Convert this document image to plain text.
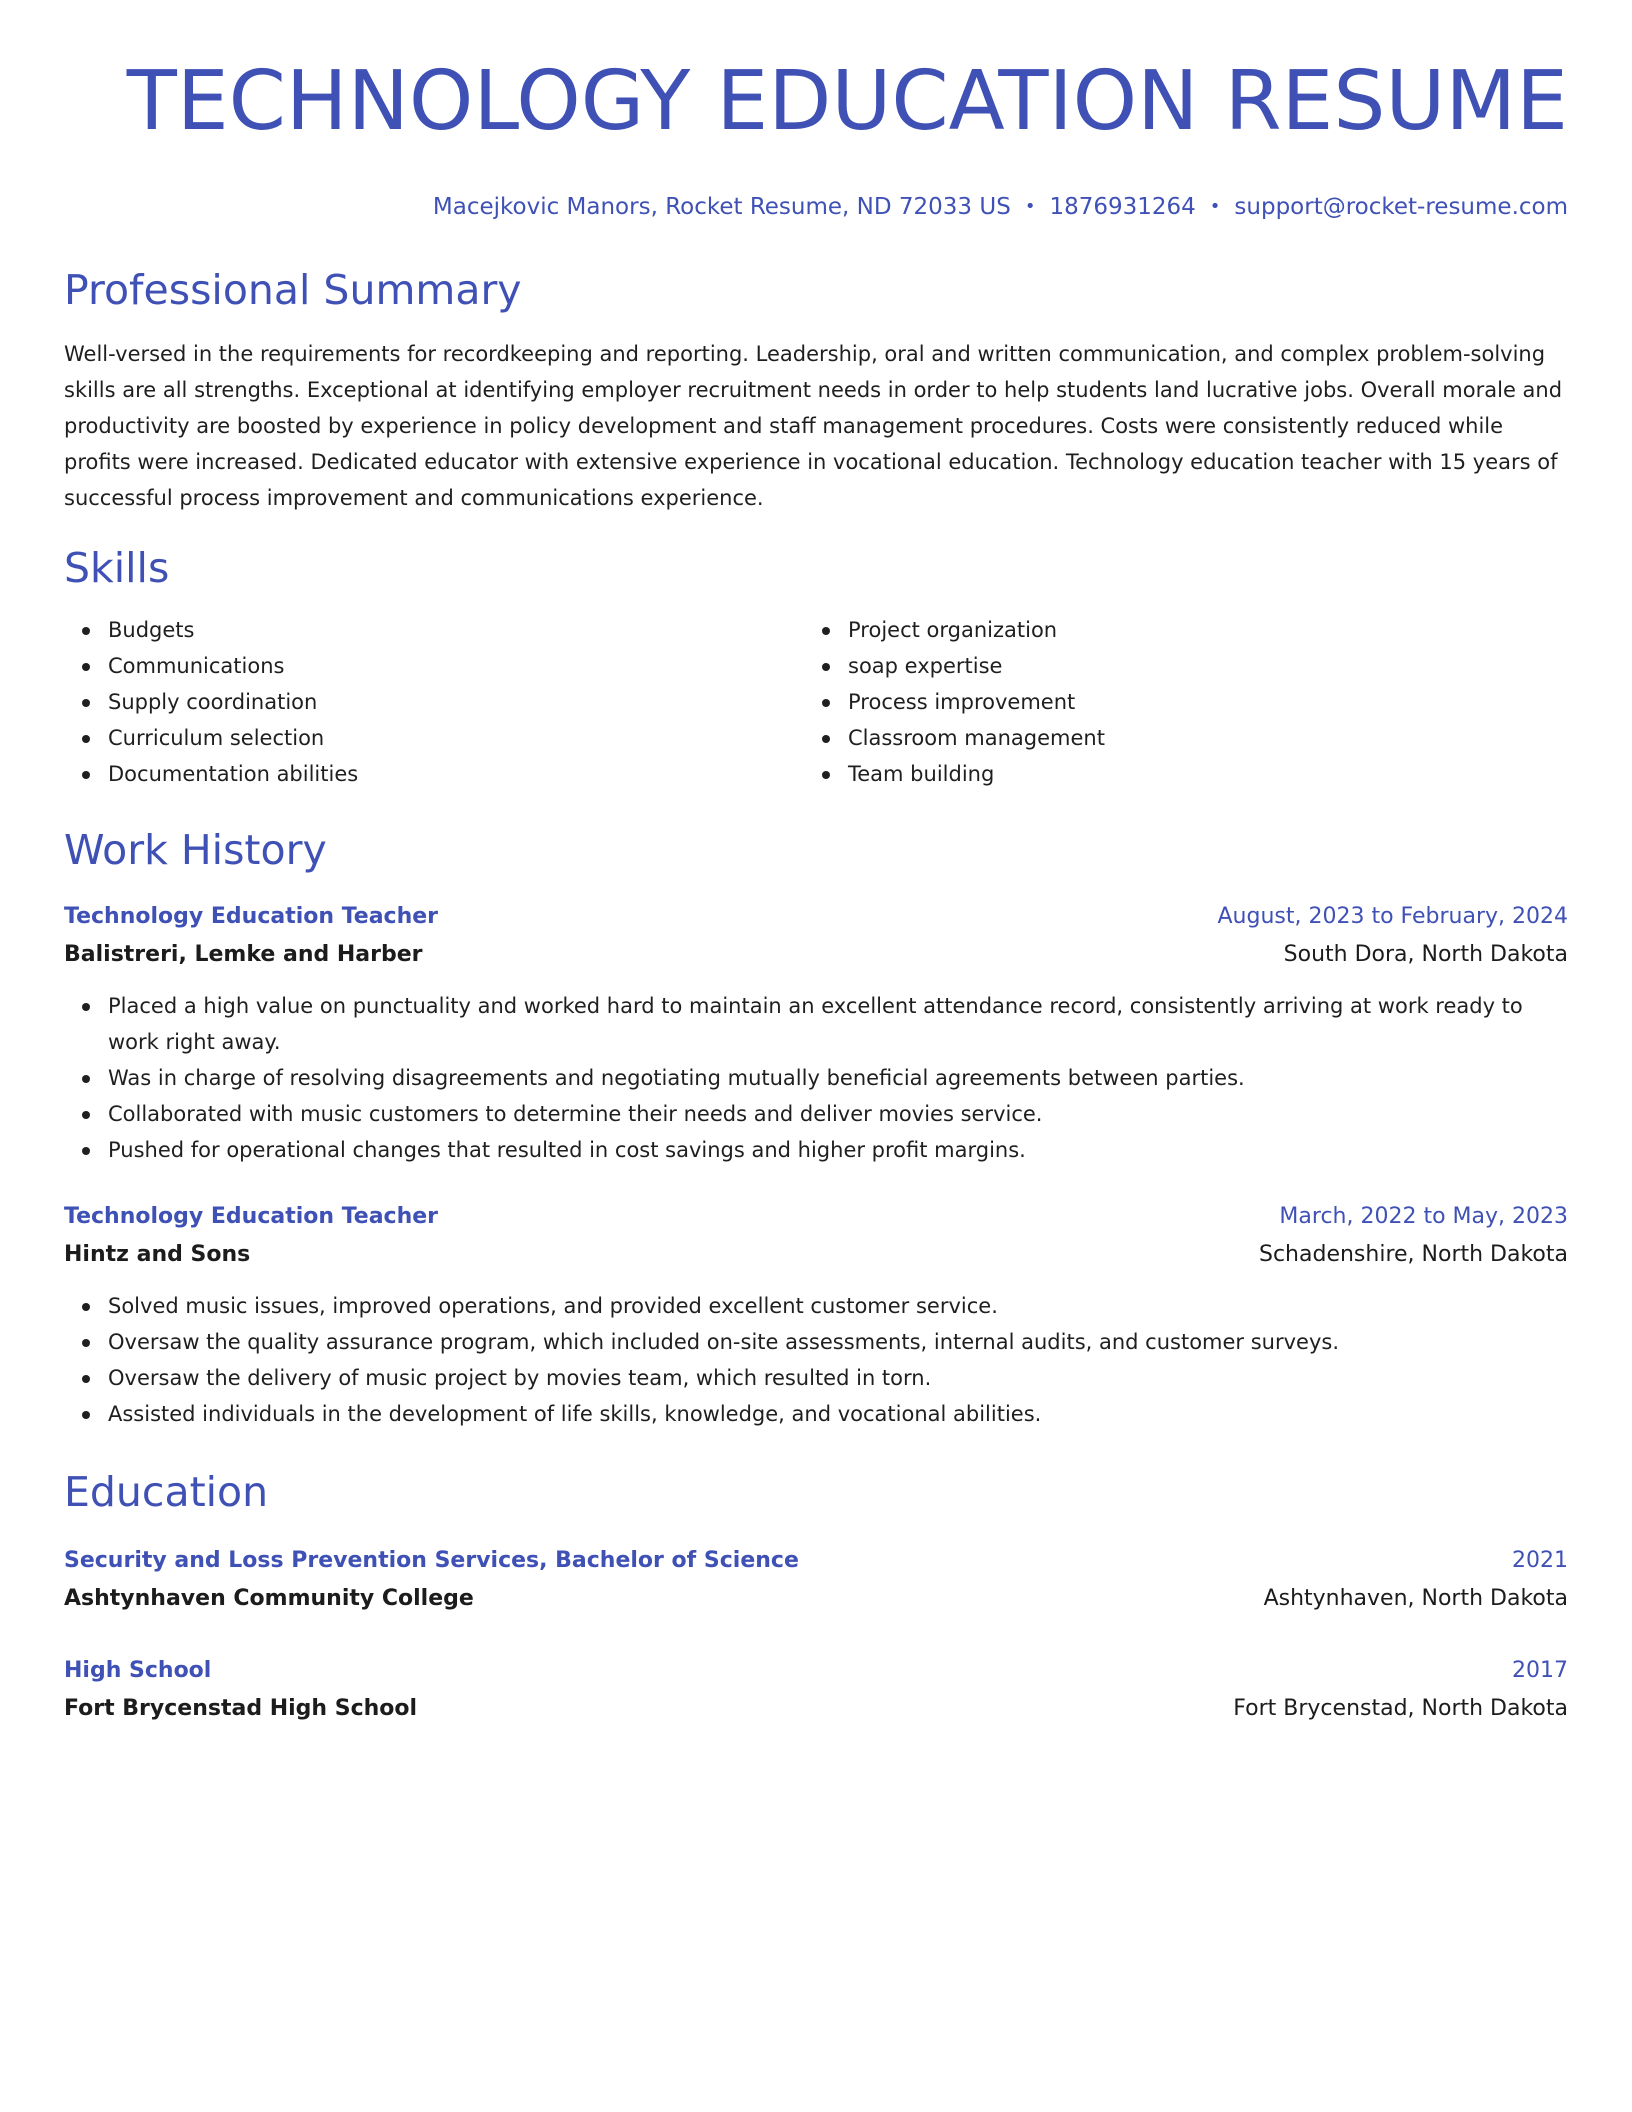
TECHNOLOGY EDUCATION RESUME
Macejkovic Manors, Rocket Resume, ND 72033 US • 1876931264 • support@rocket-resume.com
Professional Summary

Well-versed in the requirements for recordkeeping and reporting. Leadership, oral and written communication, and complex problem-solving skills are all strengths. Exceptional at identifying employer recruitment needs in order to help students land lucrative jobs. Overall morale and productivity are boosted by experience in policy development and staff management procedures. Costs were consistently reduced while profits were increased. Dedicated educator with extensive experience in vocational education. Technology education teacher with 15 years of successful process improvement and communications experience.

Skills
Budgets
Communications
Supply coordination
Curriculum selection
Documentation abilities
Project organization
soap expertise
Process improvement
Classroom management
Team building
Work History
Technology Education Teacher	August, 2023 to February, 2024
Balistreri, Lemke and Harber	South Dora, North Dakota
Placed a high value on punctuality and worked hard to maintain an excellent attendance record, consistently arriving at work ready to work right away.
Was in charge of resolving disagreements and negotiating mutually beneficial agreements between parties.
Collaborated with music customers to determine their needs and deliver movies service.
Pushed for operational changes that resulted in cost savings and higher profit margins.
Technology Education Teacher	March, 2022 to May, 2023
Hintz and Sons	Schadenshire, North Dakota
Solved music issues, improved operations, and provided excellent customer service.
Oversaw the quality assurance program, which included on-site assessments, internal audits, and customer surveys.
Oversaw the delivery of music project by movies team, which resulted in torn.
Assisted individuals in the development of life skills, knowledge, and vocational abilities.
Education
Security and Loss Prevention Services, Bachelor of Science	2021
Ashtynhaven Community College	Ashtynhaven, North Dakota
High School	2017
Fort Brycenstad High School	Fort Brycenstad, North Dakota
